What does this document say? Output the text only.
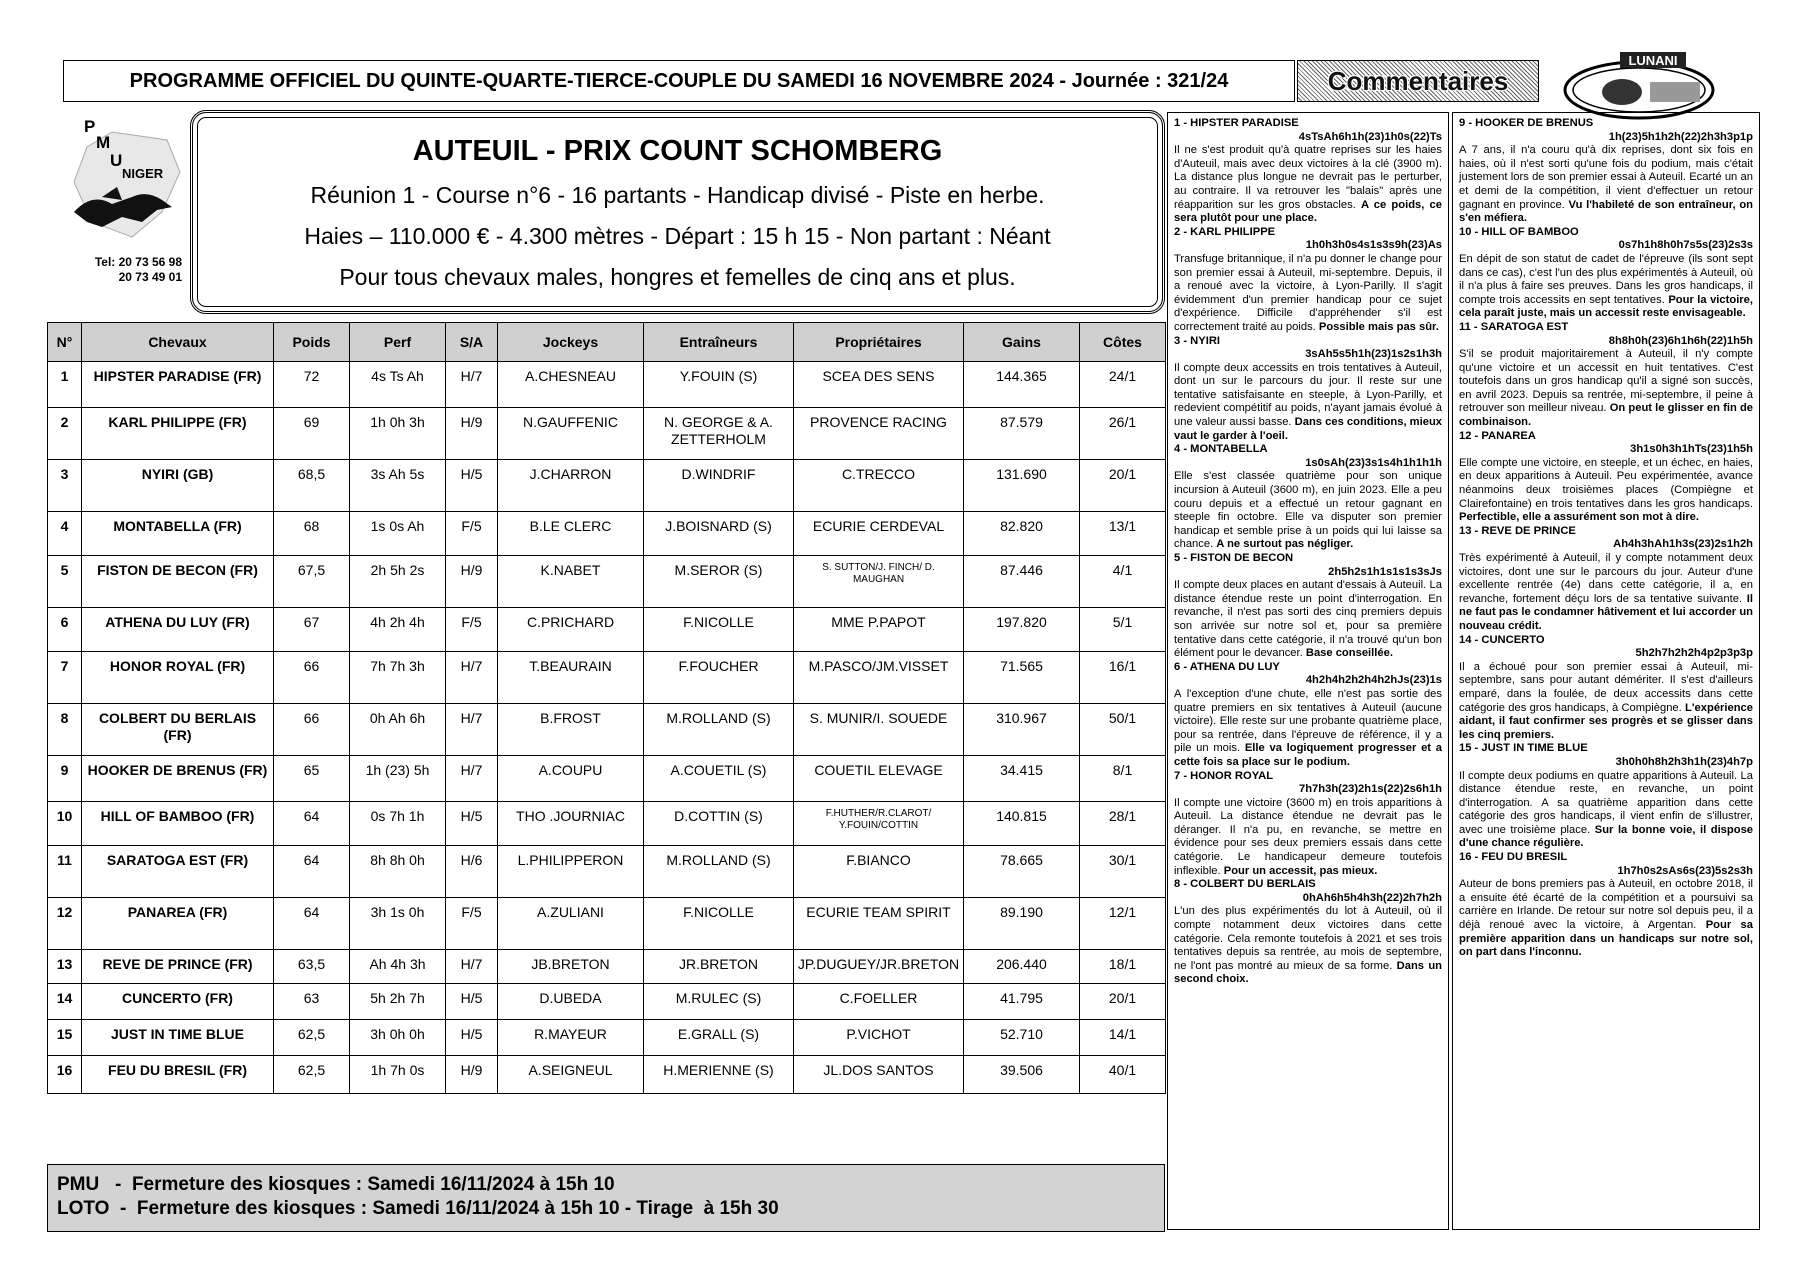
PROGRAMME OFFICIEL DU QUINTE-QUARTE-TIERCE-COUPLE DU SAMEDI 16 NOVEMBRE 2024 - Journée : 321/24	Commentaires
LUNANI
P
M
U
NIGER
Tel: 20 73 56 98
20 73 49 01
AUTEUIL - PRIX COUNT SCHOMBERG
Réunion 1 - Course n°6 - 16 partants - Handicap divisé - Piste en herbe.
Haies – 110.000 € - 4.300 mètres - Départ : 15 h 15 - Non partant : Néant
Pour tous chevaux males, hongres et femelles de cinq ans et plus.
N°	Chevaux	Poids	Perf	S/A	Jockeys	Entraîneurs	Propriétaires	Gains	Côtes
1	HIPSTER PARADISE (FR)	72	4s Ts Ah	H/7	A.CHESNEAU	Y.FOUIN (S)	SCEA DES SENS	144.365	24/1
2	KARL PHILIPPE (FR)	69	1h 0h 3h	H/9	N.GAUFFENIC	N. GEORGE & A. ZETTERHOLM	PROVENCE RACING	87.579	26/1
3	NYIRI (GB)	68,5	3s Ah 5s	H/5	J.CHARRON	D.WINDRIF	C.TRECCO	131.690	20/1
4	MONTABELLA (FR)	68	1s 0s Ah	F/5	B.LE CLERC	J.BOISNARD (S)	ECURIE CERDEVAL	82.820	13/1
5	FISTON DE BECON (FR)	67,5	2h 5h 2s	H/9	K.NABET	M.SEROR (S)	S. SUTTON/J. FINCH/ D. MAUGHAN	87.446	4/1
6	ATHENA DU LUY (FR)	67	4h 2h 4h	F/5	C.PRICHARD	F.NICOLLE	MME P.PAPOT	197.820	5/1
7	HONOR ROYAL (FR)	66	7h 7h 3h	H/7	T.BEAURAIN	F.FOUCHER	M.PASCO/JM.VISSET	71.565	16/1
8	COLBERT DU BERLAIS (FR)	66	0h Ah 6h	H/7	B.FROST	M.ROLLAND (S)	S. MUNIR/I. SOUEDE	310.967	50/1
9	HOOKER DE BRENUS (FR)	65	1h (23) 5h	H/7	A.COUPU	A.COUETIL (S)	COUETIL ELEVAGE	34.415	8/1
10	HILL OF BAMBOO (FR)	64	0s 7h 1h	H/5	THO .JOURNIAC	D.COTTIN (S)	F.HUTHER/R.CLAROT/ Y.FOUIN/COTTIN	140.815	28/1
11	SARATOGA EST (FR)	64	8h 8h 0h	H/6	L.PHILIPPERON	M.ROLLAND (S)	F.BIANCO	78.665	30/1
12	PANAREA (FR)	64	3h 1s 0h	F/5	A.ZULIANI	F.NICOLLE	ECURIE TEAM SPIRIT	89.190	12/1
13	REVE DE PRINCE (FR)	63,5	Ah 4h 3h	H/7	JB.BRETON	JR.BRETON	JP.DUGUEY/JR.BRETON	206.440	18/1
14	CUNCERTO (FR)	63	5h 2h 7h	H/5	D.UBEDA	M.RULEC (S)	C.FOELLER	41.795	20/1
15	JUST IN TIME BLUE	62,5	3h 0h 0h	H/5	R.MAYEUR	E.GRALL (S)	P.VICHOT	52.710	14/1
16	FEU DU BRESIL (FR)	62,5	1h 7h 0s	H/9	A.SEIGNEUL	H.MERIENNE (S)	JL.DOS SANTOS	39.506	40/1
PMU   -  Fermeture des kiosques : Samedi 16/11/2024 à 15h 10
LOTO  -  Fermeture des kiosques : Samedi 16/11/2024 à 15h 10 - Tirage  à 15h 30
1 - HIPSTER PARADISE
4sTsAh6h1h(23)1h0s(22)Ts
Il ne s'est produit qu'à quatre reprises sur les haies d'Auteuil, mais avec deux victoires à la clé (3900 m). La distance plus longue ne devrait pas le perturber, au contraire. Il va retrouver les "balais" après une réapparition sur les gros obstacles. A ce poids, ce sera plutôt pour une place.
2 - KARL PHILIPPE
1h0h3h0s4s1s3s9h(23)As
Transfuge britannique, il n'a pu donner le change pour son premier essai à Auteuil, mi-septembre. Depuis, il a renoué avec la victoire, à Lyon-Parilly. Il s'agit évidemment d'un premier handicap pour ce sujet d'expérience. Difficile d'appréhender s'il est correctement traité au poids. Possible mais pas sûr.
3 - NYIRI
3sAh5s5h1h(23)1s2s1h3h
Il compte deux accessits en trois tentatives à Auteuil, dont un sur le parcours du jour. Il reste sur une tentative satisfaisante en steeple, à Lyon-Parilly, et redevient compétitif au poids, n'ayant jamais évolué à une valeur aussi basse. Dans ces conditions, mieux vaut le garder à l'oeil.
4 - MONTABELLA
1s0sAh(23)3s1s4h1h1h1h
Elle s'est classée quatrième pour son unique incursion à Auteuil (3600 m), en juin 2023. Elle a peu couru depuis et a effectué un retour gagnant en steeple fin octobre. Elle va disputer son premier handicap et semble prise à un poids qui lui laisse sa chance. A ne surtout pas négliger.
5 - FISTON DE BECON
2h5h2s1h1s1s1s3sJs
Il compte deux places en autant d'essais à Auteuil. La distance étendue reste un point d'interrogation. En revanche, il n'est pas sorti des cinq premiers depuis son arrivée sur notre sol et, pour sa première tentative dans cette catégorie, il n'a trouvé qu'un bon élément pour le devancer. Base conseillée.
6 - ATHENA DU LUY
4h2h4h2h2h4h2hJs(23)1s
A l'exception d'une chute, elle n'est pas sortie des quatre premiers en six tentatives à Auteuil (aucune victoire). Elle reste sur une probante quatrième place, pour sa rentrée, dans l'épreuve de référence, il y a pile un mois. Elle va logiquement progresser et a cette fois sa place sur le podium.
7 - HONOR ROYAL
7h7h3h(23)2h1s(22)2s6h1h
Il compte une victoire (3600 m) en trois apparitions à Auteuil. La distance étendue ne devrait pas le déranger. Il n'a pu, en revanche, se mettre en évidence pour ses deux premiers essais dans cette catégorie. Le handicapeur demeure toutefois inflexible. Pour un accessit, pas mieux.
8 - COLBERT DU BERLAIS
0hAh6h5h4h3h(22)2h7h2h
L'un des plus expérimentés du lot à Auteuil, où il compte notamment deux victoires dans cette catégorie. Cela remonte toutefois à 2021 et ses trois tentatives depuis sa rentrée, au mois de septembre, ne l'ont pas montré au mieux de sa forme. Dans un second choix.
9 - HOOKER DE BRENUS
1h(23)5h1h2h(22)2h3h3p1p
A 7 ans, il n'a couru qu'à dix reprises, dont six fois en haies, où il n'est sorti qu'une fois du podium, mais c'était justement lors de son premier essai à Auteuil. Ecarté un an et demi de la compétition, il vient d'effectuer un retour gagnant en province. Vu l'habileté de son entraîneur, on s'en méfiera.
10 - HILL OF BAMBOO
0s7h1h8h0h7s5s(23)2s3s
En dépit de son statut de cadet de l'épreuve (ils sont sept dans ce cas), c'est l'un des plus expérimentés à Auteuil, où il n'a plus à faire ses preuves. Dans les gros handicaps, il compte trois accessits en sept tentatives. Pour la victoire, cela paraît juste, mais un accessit reste envisageable.
11 - SARATOGA EST
8h8h0h(23)6h1h6h(22)1h5h
S'il se produit majoritairement à Auteuil, il n'y compte qu'une victoire et un accessit en huit tentatives. C'est toutefois dans un gros handicap qu'il a signé son succès, en avril 2023. Depuis sa rentrée, mi-septembre, il peine à retrouver son meilleur niveau. On peut le glisser en fin de combinaison.
12 - PANAREA
3h1s0h3h1hTs(23)1h5h
Elle compte une victoire, en steeple, et un échec, en haies, en deux apparitions à Auteuil. Peu expérimentée, avance néanmoins deux troisièmes places (Compiègne et Clairefontaine) en trois tentatives dans les gros handicaps. Perfectible, elle a assurément son mot à dire.
13 - REVE DE PRINCE
Ah4h3hAh1h3s(23)2s1h2h
Très expérimenté à Auteuil, il y compte notamment deux victoires, dont une sur le parcours du jour. Auteur d'une excellente rentrée (4e) dans cette catégorie, il a, en revanche, fortement déçu lors de sa tentative suivante. Il ne faut pas le condamner hâtivement et lui accorder un nouveau crédit.
14 - CUNCERTO
5h2h7h2h2h4p2p3p3p
Il a échoué pour son premier essai à Auteuil, mi-septembre, sans pour autant démériter. Il s'est d'ailleurs emparé, dans la foulée, de deux accessits dans cette catégorie des gros handicaps, à Compiègne. L'expérience aidant, il faut confirmer ses progrès et se glisser dans les cinq premiers.
15 - JUST IN TIME BLUE
3h0h0h8h2h3h1h(23)4h7p
Il compte deux podiums en quatre apparitions à Auteuil. La distance étendue reste, en revanche, un point d'interrogation. A sa quatrième apparition dans cette catégorie des gros handicaps, il vient enfin de s'illustrer, avec une troisième place. Sur la bonne voie, il dispose d'une chance régulière.
16 - FEU DU BRESIL
1h7h0s2sAs6s(23)5s2s3h
Auteur de bons premiers pas à Auteuil, en octobre 2018, il a ensuite été écarté de la compétition et a poursuivi sa carrière en Irlande. De retour sur notre sol depuis peu, il a déjà renoué avec la victoire, à Argentan. Pour sa première apparition dans un handicaps sur notre sol, on part dans l'inconnu.
